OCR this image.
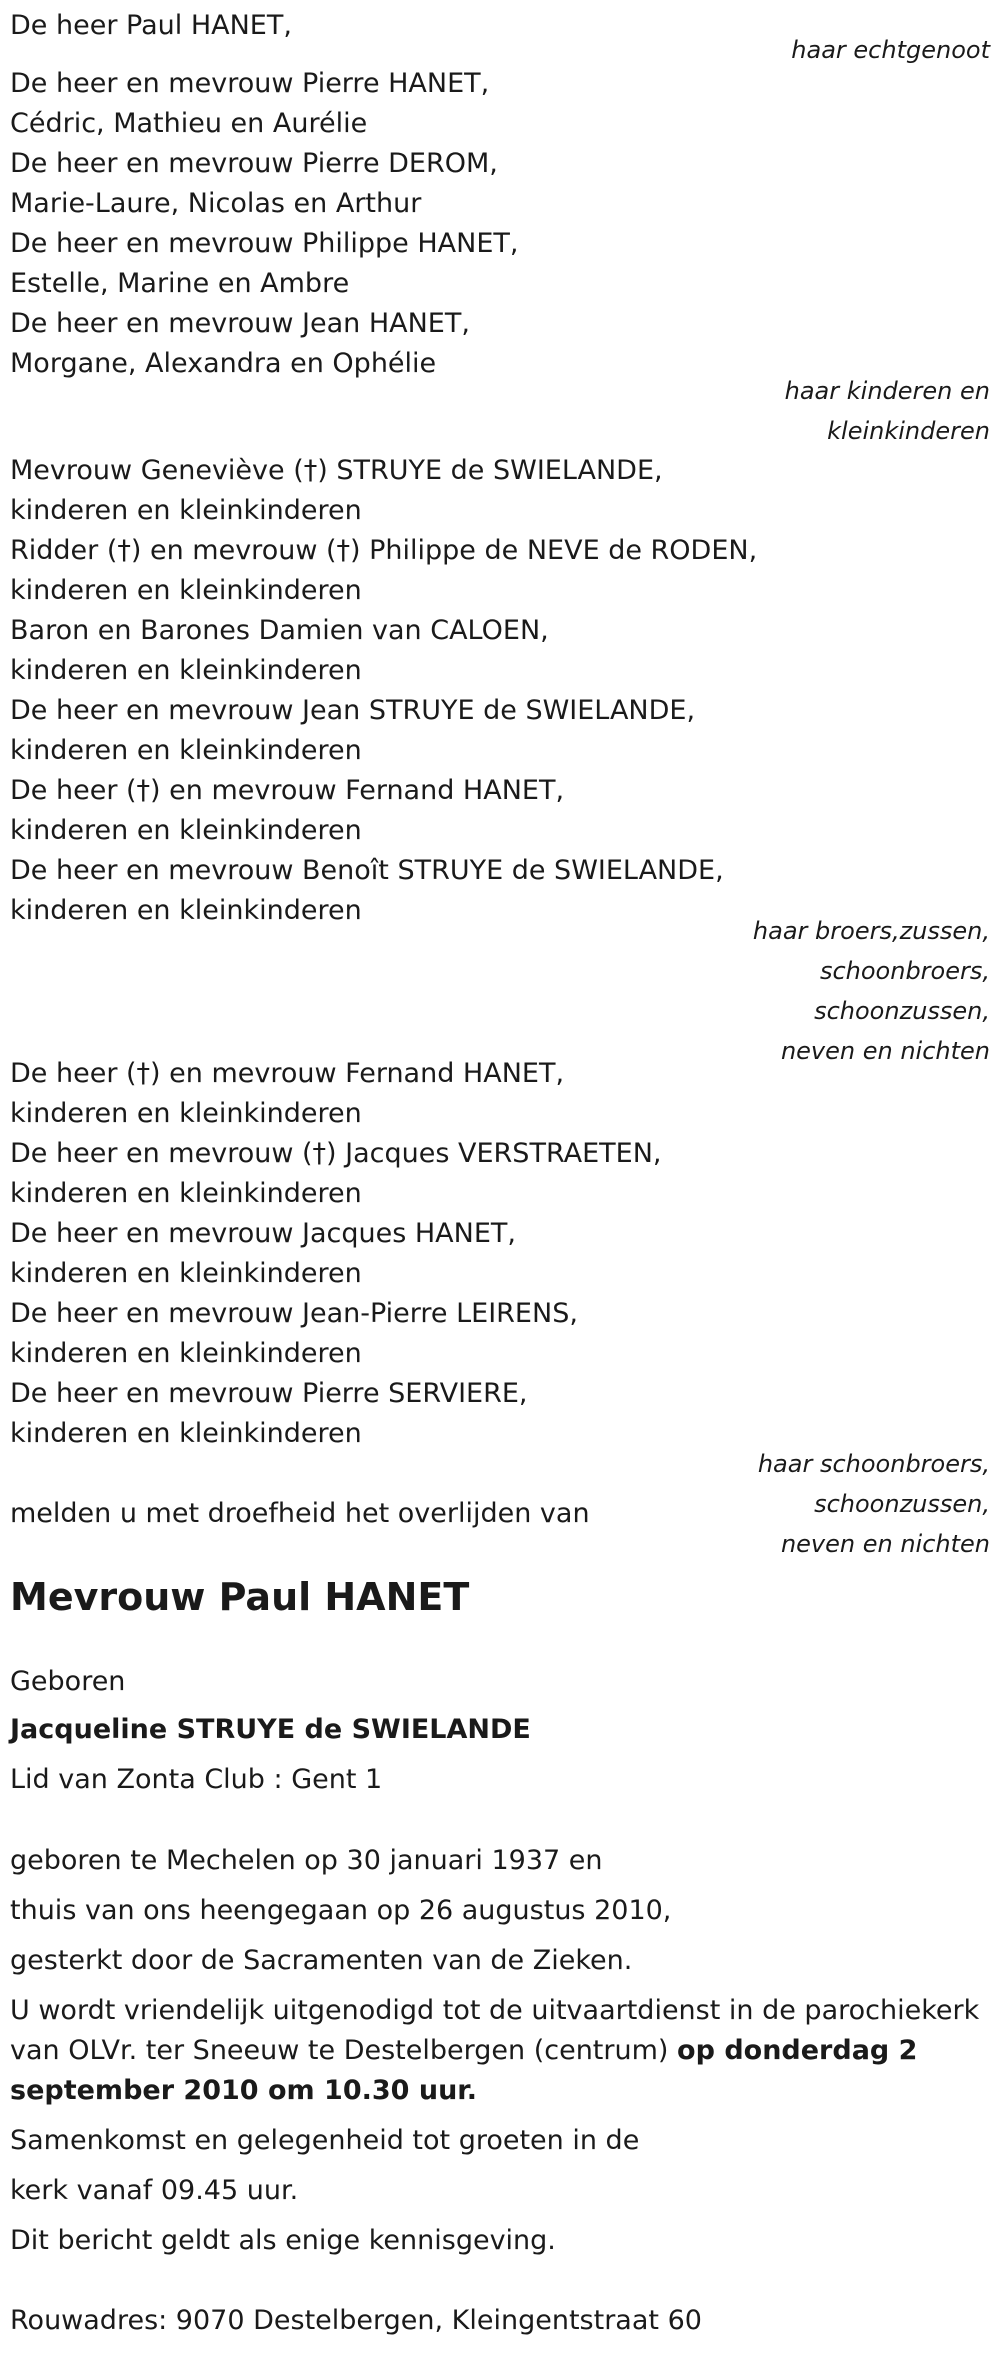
De heer Paul HANET,
De heer en mevrouw Pierre HANET,
Cédric, Mathieu en Aurélie
De heer en mevrouw Pierre DEROM,
Marie-Laure, Nicolas en Arthur
De heer en mevrouw Philippe HANET,
Estelle, Marine en Ambre
De heer en mevrouw Jean HANET,
Morgane, Alexandra en Ophélie
Mevrouw Geneviève (†) STRUYE de SWIELANDE,
kinderen en kleinkinderen
Ridder (†) en mevrouw (†) Philippe de NEVE de RODEN,
kinderen en kleinkinderen
Baron en Barones Damien van CALOEN,
kinderen en kleinkinderen
De heer en mevrouw Jean STRUYE de SWIELANDE,
kinderen en kleinkinderen
De heer (†) en mevrouw Fernand HANET,
kinderen en kleinkinderen
De heer en mevrouw Benoît STRUYE de SWIELANDE,
kinderen en kleinkinderen
De heer (†) en mevrouw Fernand HANET,
kinderen en kleinkinderen
De heer en mevrouw (†) Jacques VERSTRAETEN,
kinderen en kleinkinderen
De heer en mevrouw Jacques HANET,
kinderen en kleinkinderen
De heer en mevrouw Jean-Pierre LEIRENS,
kinderen en kleinkinderen
De heer en mevrouw Pierre SERVIERE,
kinderen en kleinkinderen
haar echtgenoot
haar kinderen en
kleinkinderen
haar broers,zussen,
schoonbroers,
schoonzussen,
neven en nichten
haar schoonbroers,
schoonzussen,
neven en nichten
melden u met droefheid het overlijden van
Mevrouw Paul HANET
Geboren
Jacqueline STRUYE de SWIELANDE
Lid van Zonta Club : Gent 1
geboren te Mechelen op 30 januari 1937 en
thuis van ons heengegaan op 26 augustus 2010,
gesterkt door de Sacramenten van de Zieken.
U wordt vriendelijk uitgenodigd tot de uitvaartdienst in de parochiekerk van OLVr. ter Sneeuw te Destelbergen (centrum) op donderdag 2 september 2010 om 10.30 uur.
Samenkomst en gelegenheid tot groeten in de
kerk vanaf 09.45 uur.
Dit bericht geldt als enige kennisgeving.
Rouwadres: 9070 Destelbergen, Kleingentstraat 60
